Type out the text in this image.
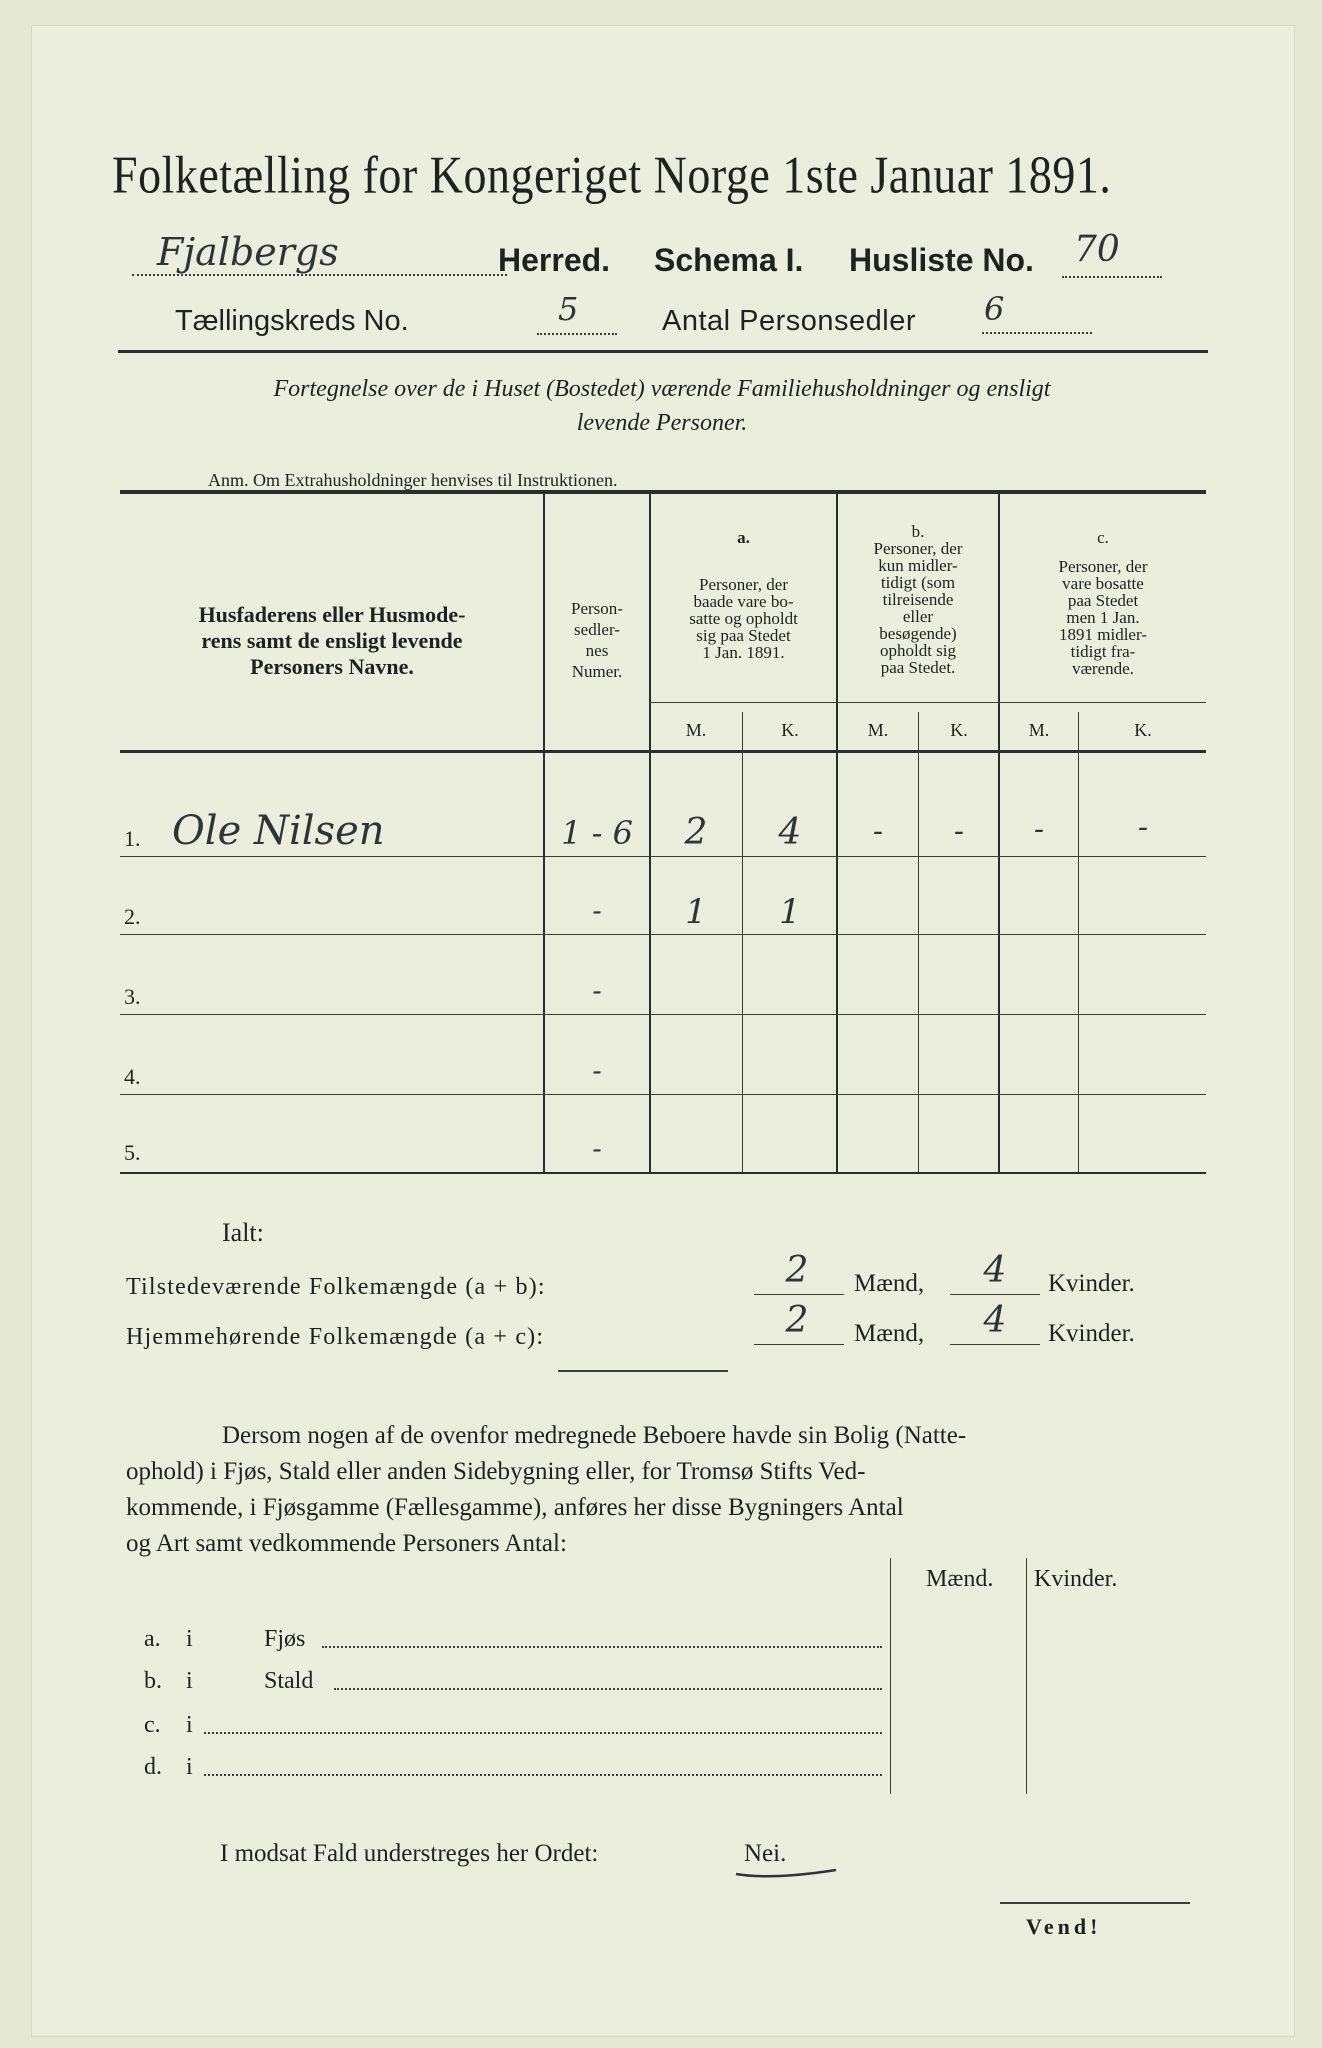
Folketælling for Kongeriget Norge 1ste Januar 1891.
Fjalbergs	Herred. Schema I. Husliste No. 70
Tællingskreds No.	5	Antal Personsedler 6
Fortegnelse over de i Huset (Bostedet) værende Familiehusholdninger og ensligt
levende Personer.
Anm. Om Extrahusholdninger henvises til Instruktionen.
Husfaderens eller Husmode-
rens samt de ensligt levende
Personers Navne.
Person-
sedler-
nes
Numer.
a.
Personer, der
baade vare bo-
satte og opholdt
sig paa Stedet
1 Jan. 1891.
b.
Personer, der
kun midler-
tidigt (som
tilreisende
eller
besøgende)
opholdt sig
paa Stedet.
c.
Personer, der
vare bosatte
paa Stedet
men 1 Jan.
1891 midler-
tidigt fra-
værende.
M.	K.	M.	K.	M.	K.
1. Ole Nilsen	1 - 6	2	4	-	-	-	-
2.	-	1	1
3.	-
4.	-
5.	-
Ialt:
Tilstedeværende Folkemængde (a + b):	2	Mænd,	4	Kvinder.
Hjemmehørende Folkemængde (a + c):	2	Mænd,	4	Kvinder.
Dersom nogen af de ovenfor medregnede Beboere havde sin Bolig (Natte-
ophold) i Fjøs, Stald eller anden Sidebygning eller, for Tromsø Stifts Ved-
kommende, i Fjøsgamme (Fællesgamme), anføres her disse Bygningers Antal
og Art samt vedkommende Personers Antal:
Mænd. Kvinder.
a. i	Fjøs
b. i	Stald
c. i
d. i
I modsat Fald understreges her Ordet:	Nei.
Vend!
